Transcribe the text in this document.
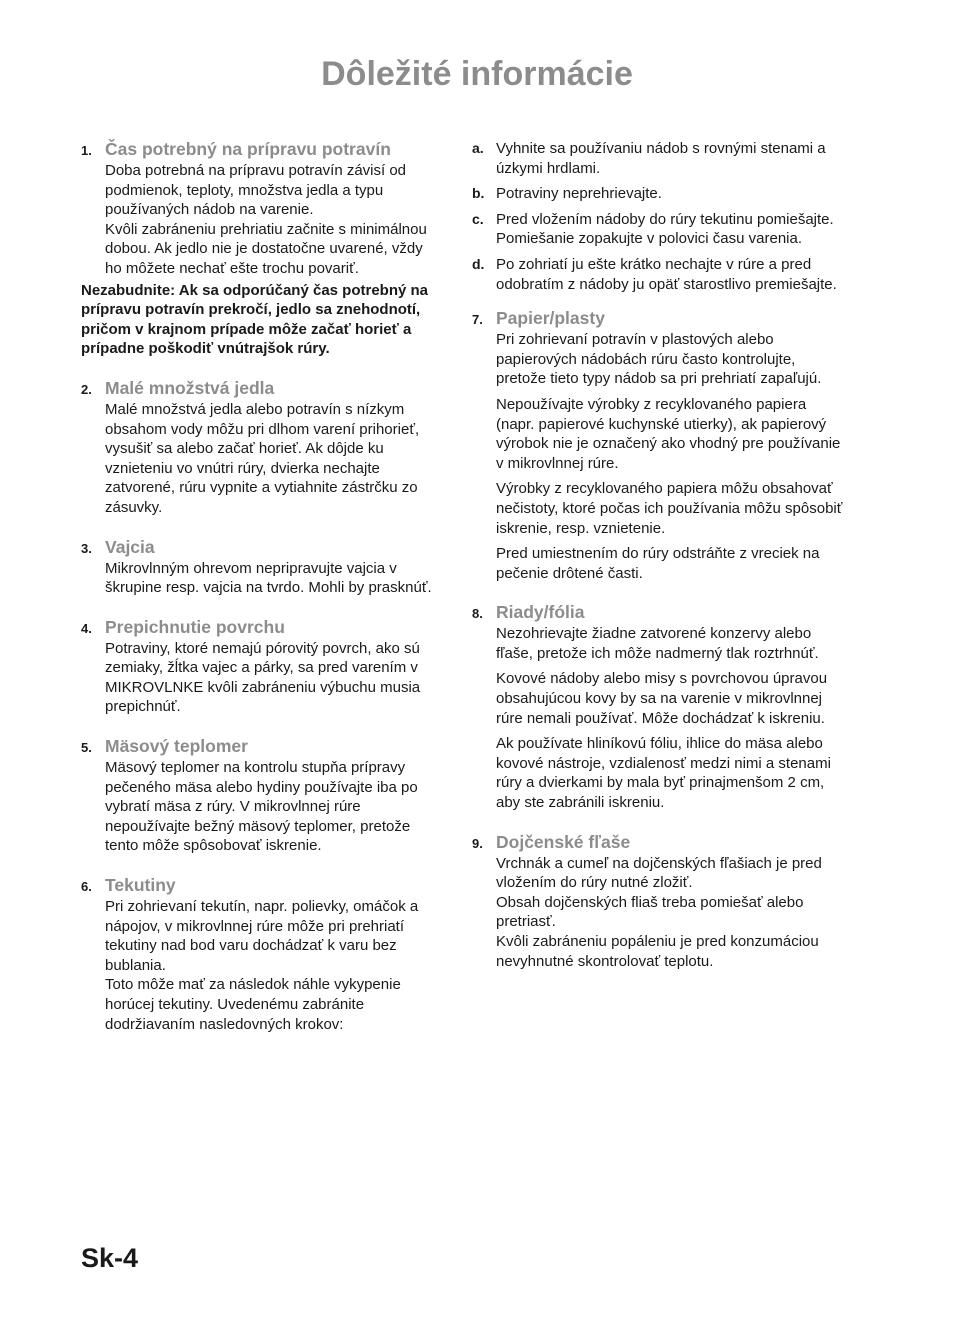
Dôležité informácie
1. Čas potrebný na prípravu potravín

Doba potrebná na prípravu potravín závisí od podmienok, teploty, množstva jedla a typu používaných nádob na varenie.

Kvôli zabráneniu prehriatiu začnite s minimálnou dobou. Ak jedlo nie je dostatočne uvarené, vždy ho môžete nechať ešte trochu povariť.

Nezabudnite: Ak sa odporúčaný čas potrebný na prípravu potravín prekročí, jedlo sa znehodnotí, pričom v krajnom prípade môže začať horieť a prípadne poškodiť vnútrajšok rúry.

2. Malé množstvá jedla

Malé množstvá jedla alebo potravín s nízkym obsahom vody môžu pri dlhom varení prihorieť, vysušiť sa alebo začať horieť. Ak dôjde ku vznieteniu vo vnútri rúry, dvierka nechajte zatvorené, rúru vypnite a vytiahnite zástrčku zo zásuvky.

3. Vajcia

Mikrovlnným ohrevom nepripravujte vajcia v škrupine resp. vajcia na tvrdo. Mohli by prasknúť.

4. Prepichnutie povrchu

Potraviny, ktoré nemajú pórovitý povrch, ako sú zemiaky, žĺtka vajec a párky, sa pred varením v MIKROVLNKE kvôli zabráneniu výbuchu musia prepichnúť.

5. Mäsový teplomer

Mäsový teplomer na kontrolu stupňa prípravy pečeného mäsa alebo hydiny používajte iba po vybratí mäsa z rúry. V mikrovlnnej rúre nepoužívajte bežný mäsový teplomer, pretože tento môže spôsobovať iskrenie.

6. Tekutiny

Pri zohrievaní tekutín, napr. polievky, omáčok a nápojov, v mikrovlnnej rúre môže pri prehriatí tekutiny nad bod varu dochádzať k varu bez bublania.

Toto môže mať za následok náhle vykypenie horúcej tekutiny. Uvedenému zabránite dodržiavaním nasledovných krokov:

a. Vyhnite sa používaniu nádob s rovnými stenami a úzkymi hrdlami.
b. Potraviny neprehrievajte.
c. Pred vložením nádoby do rúry tekutinu pomiešajte. Pomiešanie zopakujte v polovici času varenia.
d. Po zohriatí ju ešte krátko nechajte v rúre a pred odobratím z nádoby ju opäť starostlivo premiešajte.
7. Papier/plasty

Pri zohrievaní potravín v plastových alebo papierových nádobách rúru často kontrolujte, pretože tieto typy nádob sa pri prehriatí zapaľujú.

Nepoužívajte výrobky z recyklovaného papiera (napr. papierové kuchynské utierky), ak papierový výrobok nie je označený ako vhodný pre používanie v mikrovlnnej rúre.

Výrobky z recyklovaného papiera môžu obsahovať nečistoty, ktoré počas ich používania môžu spôsobiť iskrenie, resp. vznietenie.

Pred umiestnením do rúry odstráňte z vreciek na pečenie drôtené časti.

8. Riady/fólia

Nezohrievajte žiadne zatvorené konzervy alebo fľaše, pretože ich môže nadmerný tlak roztrhnúť.

Kovové nádoby alebo misy s povrchovou úpravou obsahujúcou kovy by sa na varenie v mikrovlnnej rúre nemali používať. Môže dochádzať k iskreniu.

Ak používate hliníkovú fóliu, ihlice do mäsa alebo kovové nástroje, vzdialenosť medzi nimi a stenami rúry a dvierkami by mala byť prinajmenšom 2 cm, aby ste zabránili iskreniu.

9. Dojčenské fľaše

Vrchnák a cumeľ na dojčenských fľašiach je pred vložením do rúry nutné zložiť.

Obsah dojčenských fliaš treba pomiešať alebo pretriasť.

Kvôli zabráneniu popáleniu je pred konzumáciou nevyhnutné skontrolovať teplotu.

Sk-4
